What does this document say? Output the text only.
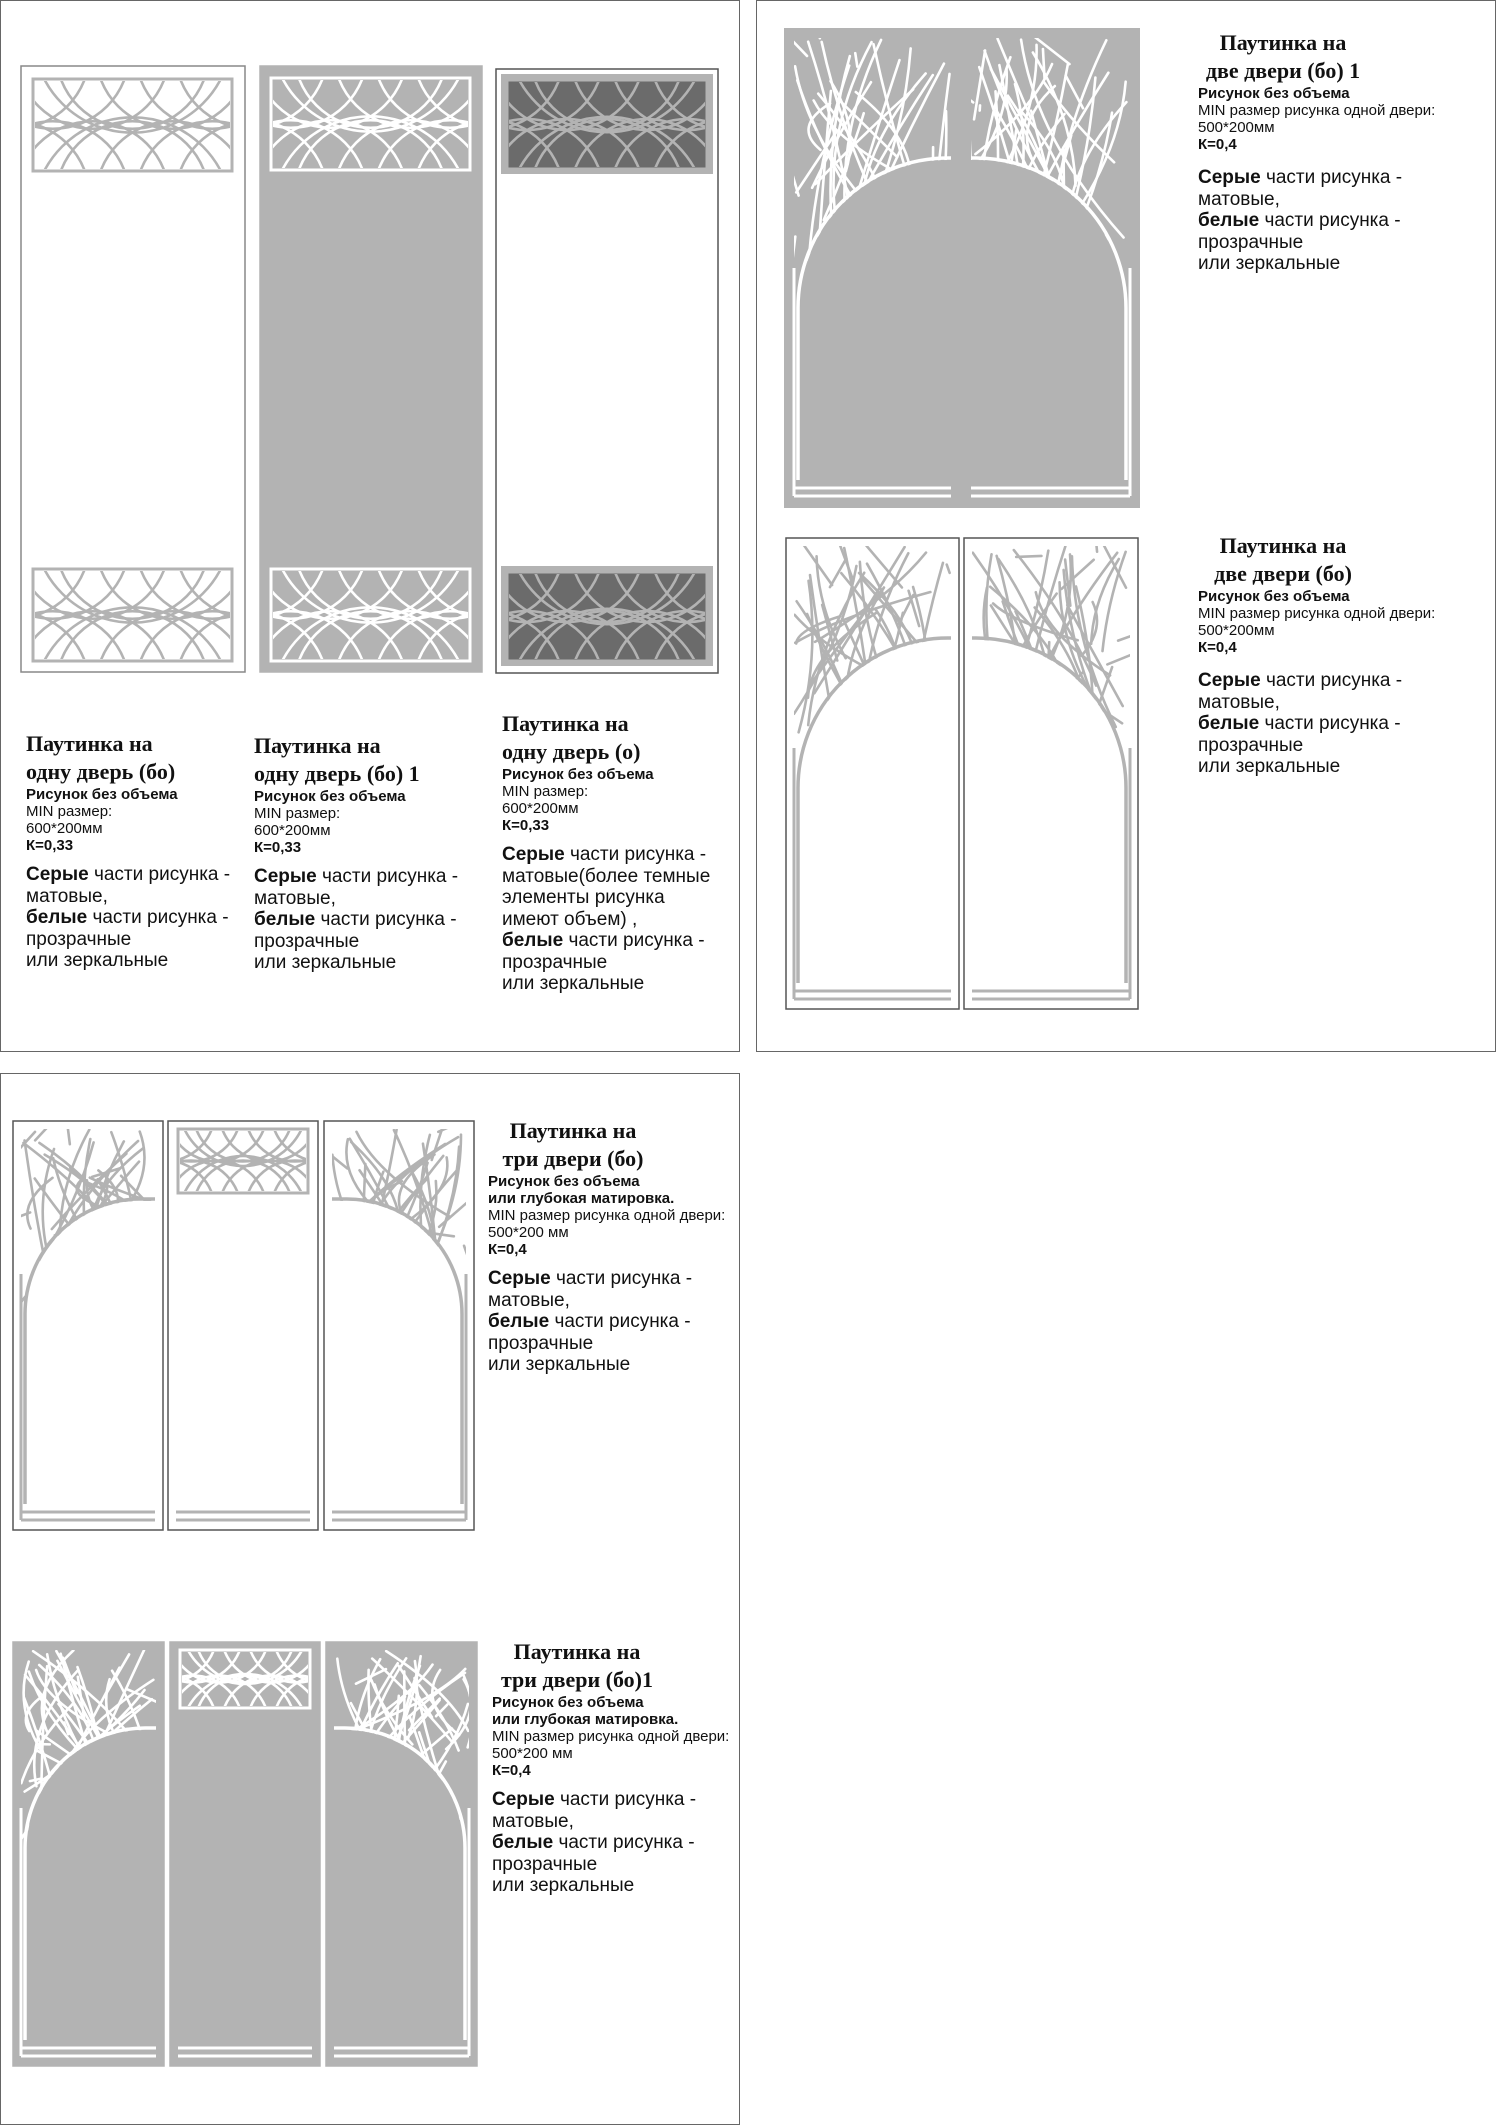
Паутинка на
одну дверь (бо)
Рисунок без объема
MIN размер:
600*200мм
К=0,33
Серые части рисунка -
матовые,
белые части рисунка -
прозрачные
или зеркальные
Паутинка на
одну дверь (бо) 1
Рисунок без объема
MIN размер:
600*200мм
К=0,33
Серые части рисунка -
матовые,
белые части рисунка -
прозрачные
или зеркальные
Паутинка на
одну дверь (о)
Рисунок без объема
MIN размер:
600*200мм
К=0,33
Серые части рисунка -
матовые(более темные
элементы рисунка
имеют объем) ,
белые части рисунка -
прозрачные
или зеркальные
Паутинка на
две двери (бо) 1
Рисунок без объема
MIN размер рисунка одной двери:
500*200мм
К=0,4
Серые части рисунка -
матовые,
белые части рисунка -
прозрачные
или зеркальные
Паутинка на
две двери (бо)
Рисунок без объема
MIN размер рисунка одной двери:
500*200мм
К=0,4
Серые части рисунка -
матовые,
белые части рисунка -
прозрачные
или зеркальные
Паутинка на
три двери (бо)
Рисунок без объема
или глубокая матировка.
MIN размер рисунка одной двери:
500*200 мм
К=0,4
Серые части рисунка -
матовые,
белые части рисунка -
прозрачные
или зеркальные
Паутинка на
три двери (бо)1
Рисунок без объема
или глубокая матировка.
MIN размер рисунка одной двери:
500*200 мм
К=0,4
Серые части рисунка -
матовые,
белые части рисунка -
прозрачные
или зеркальные
